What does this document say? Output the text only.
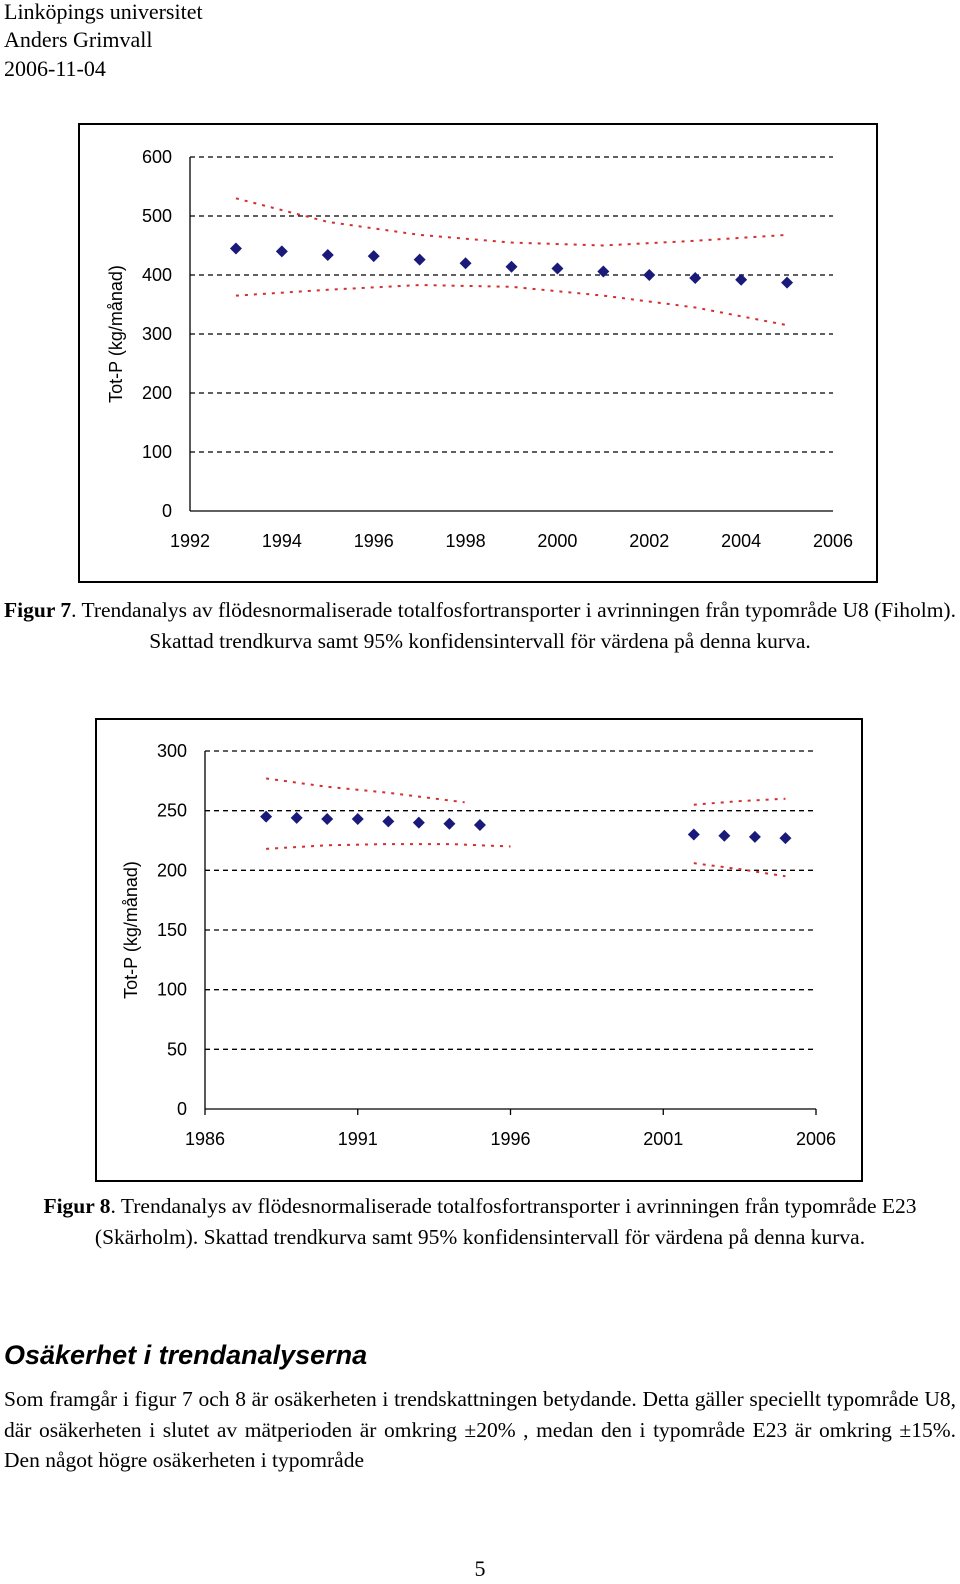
Linköpings universitet
Anders Grimvall
2006-11-04
0
100
200
300
400
500
600
1992	1994	1996	1998	2000	2002	2004	2006
Tot-P (kg/månad)
Figur 7. Trendanalys av flödesnormaliserade totalfosfortransporter i avrinningen från typområde U8 (Fiholm). Skattad trendkurva samt 95% konfidensintervall för värdena på denna kurva.
0
50
100
150
200
250
300
1986	1991	1996	2001	2006
Tot-P (kg/månad)
Figur 8. Trendanalys av flödesnormaliserade totalfosfortransporter i avrinningen från typområde E23 (Skärholm). Skattad trendkurva samt 95% konfidensintervall för värdena på denna kurva.
Osäkerhet i trendanalyserna

Som framgår i figur 7 och 8 är osäkerheten i trendskattningen betydande. Detta gäller speciellt typområde U8, där osäkerheten i slutet av mätperioden är omkring ±20% , medan den i typområde E23 är omkring ±15%. Den något högre osäkerheten i typområde

5
